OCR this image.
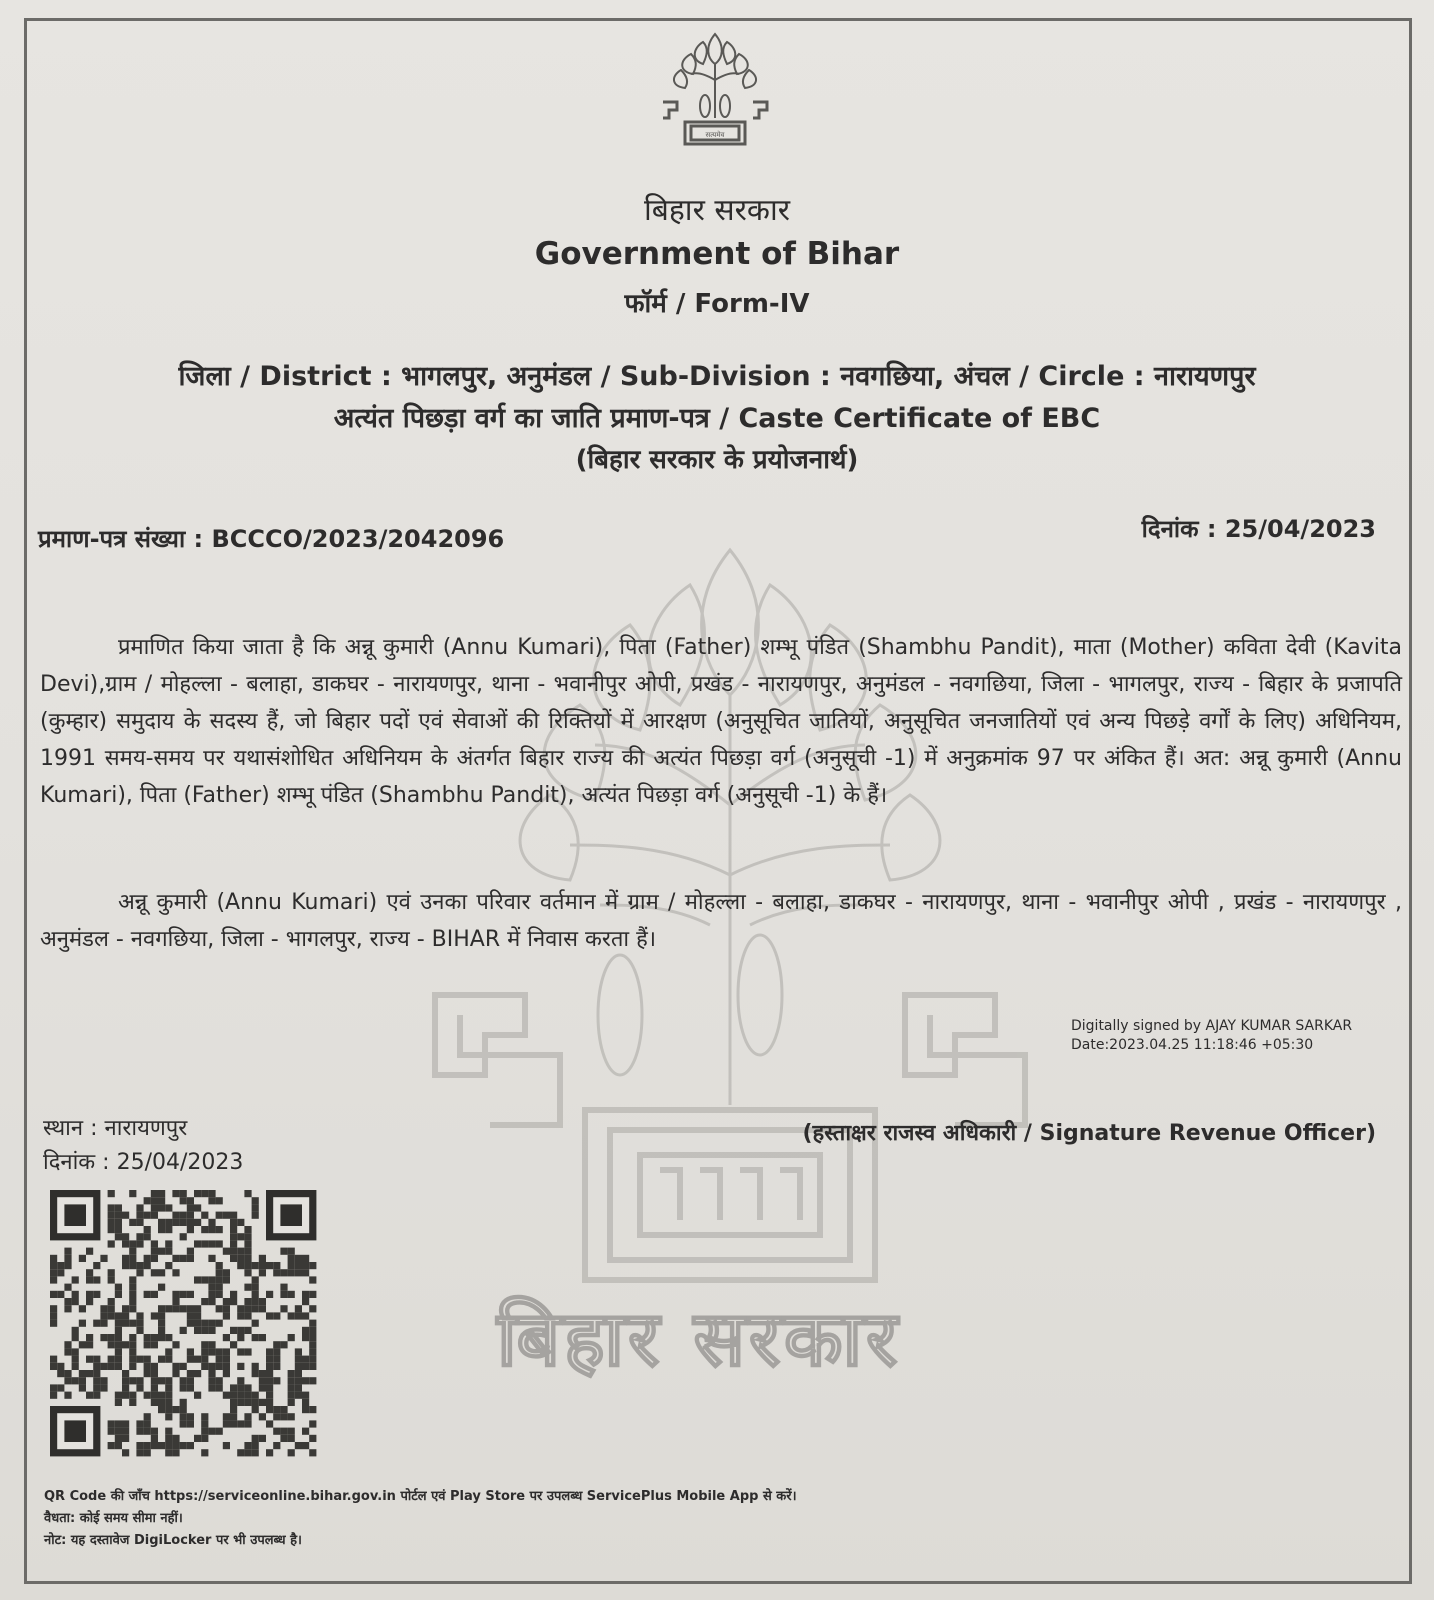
बिहार सरकार
सत्यमेव
बिहार सरकार
Government of Bihar
फॉर्म / Form-IV
जिला / District : भागलपुर, अनुमंडल / Sub-Division : नवगछिया, अंचल / Circle : नारायणपुर
अत्यंत पिछड़ा वर्ग का जाति प्रमाण-पत्र / Caste Certificate of EBC
(बिहार सरकार के प्रयोजनार्थ)
प्रमाण-पत्र संख्या : BCCCO/2023/2042096	दिनांक : 25/04/2023
प्रमाणित किया जाता है कि अन्नू कुमारी (Annu Kumari), पिता (Father) शम्भू पंडित (Shambhu Pandit), माता (Mother) कविता देवी (Kavita Devi),ग्राम / मोहल्ला - बलाहा, डाकघर - नारायणपुर, थाना - भवानीपुर ओपी, प्रखंड - नारायणपुर, अनुमंडल - नवगछिया, जिला - भागलपुर, राज्य - बिहार के प्रजापति (कुम्हार) समुदाय के सदस्य हैं, जो बिहार पदों एवं सेवाओं की रिक्तियों में आरक्षण (अनुसूचित जातियों, अनुसूचित जनजातियों एवं अन्य पिछड़े वर्गों के लिए) अधिनियम, 1991 समय-समय पर यथासंशोधित अधिनियम के अंतर्गत बिहार राज्य की अत्यंत पिछड़ा वर्ग (अनुसूची -1) में अनुक्रमांक 97 पर अंकित हैं। अत: अन्नू कुमारी (Annu Kumari), पिता (Father) शम्भू पंडित (Shambhu Pandit), अत्यंत पिछड़ा वर्ग (अनुसूची -1) के हैं।
अन्नू कुमारी (Annu Kumari) एवं उनका परिवार वर्तमान में ग्राम / मोहल्ला - बलाहा, डाकघर - नारायणपुर, थाना - भवानीपुर ओपी , प्रखंड - नारायणपुर , अनुमंडल - नवगछिया, जिला - भागलपुर, राज्य - BIHAR में निवास करता हैं।
Digitally signed by AJAY KUMAR SARKAR
Date:2023.04.25 11:18:46 +05:30
स्थान : नारायणपुर
दिनांक : 25/04/2023
(हस्ताक्षर राजस्व अधिकारी / Signature Revenue Officer)
QR Code की जाँच https://serviceonline.bihar.gov.in पोर्टल एवं Play Store पर उपलब्ध ServicePlus Mobile App से करें।
वैधता: कोई समय सीमा नहीं।
नोट: यह दस्तावेज DigiLocker पर भी उपलब्ध है।
